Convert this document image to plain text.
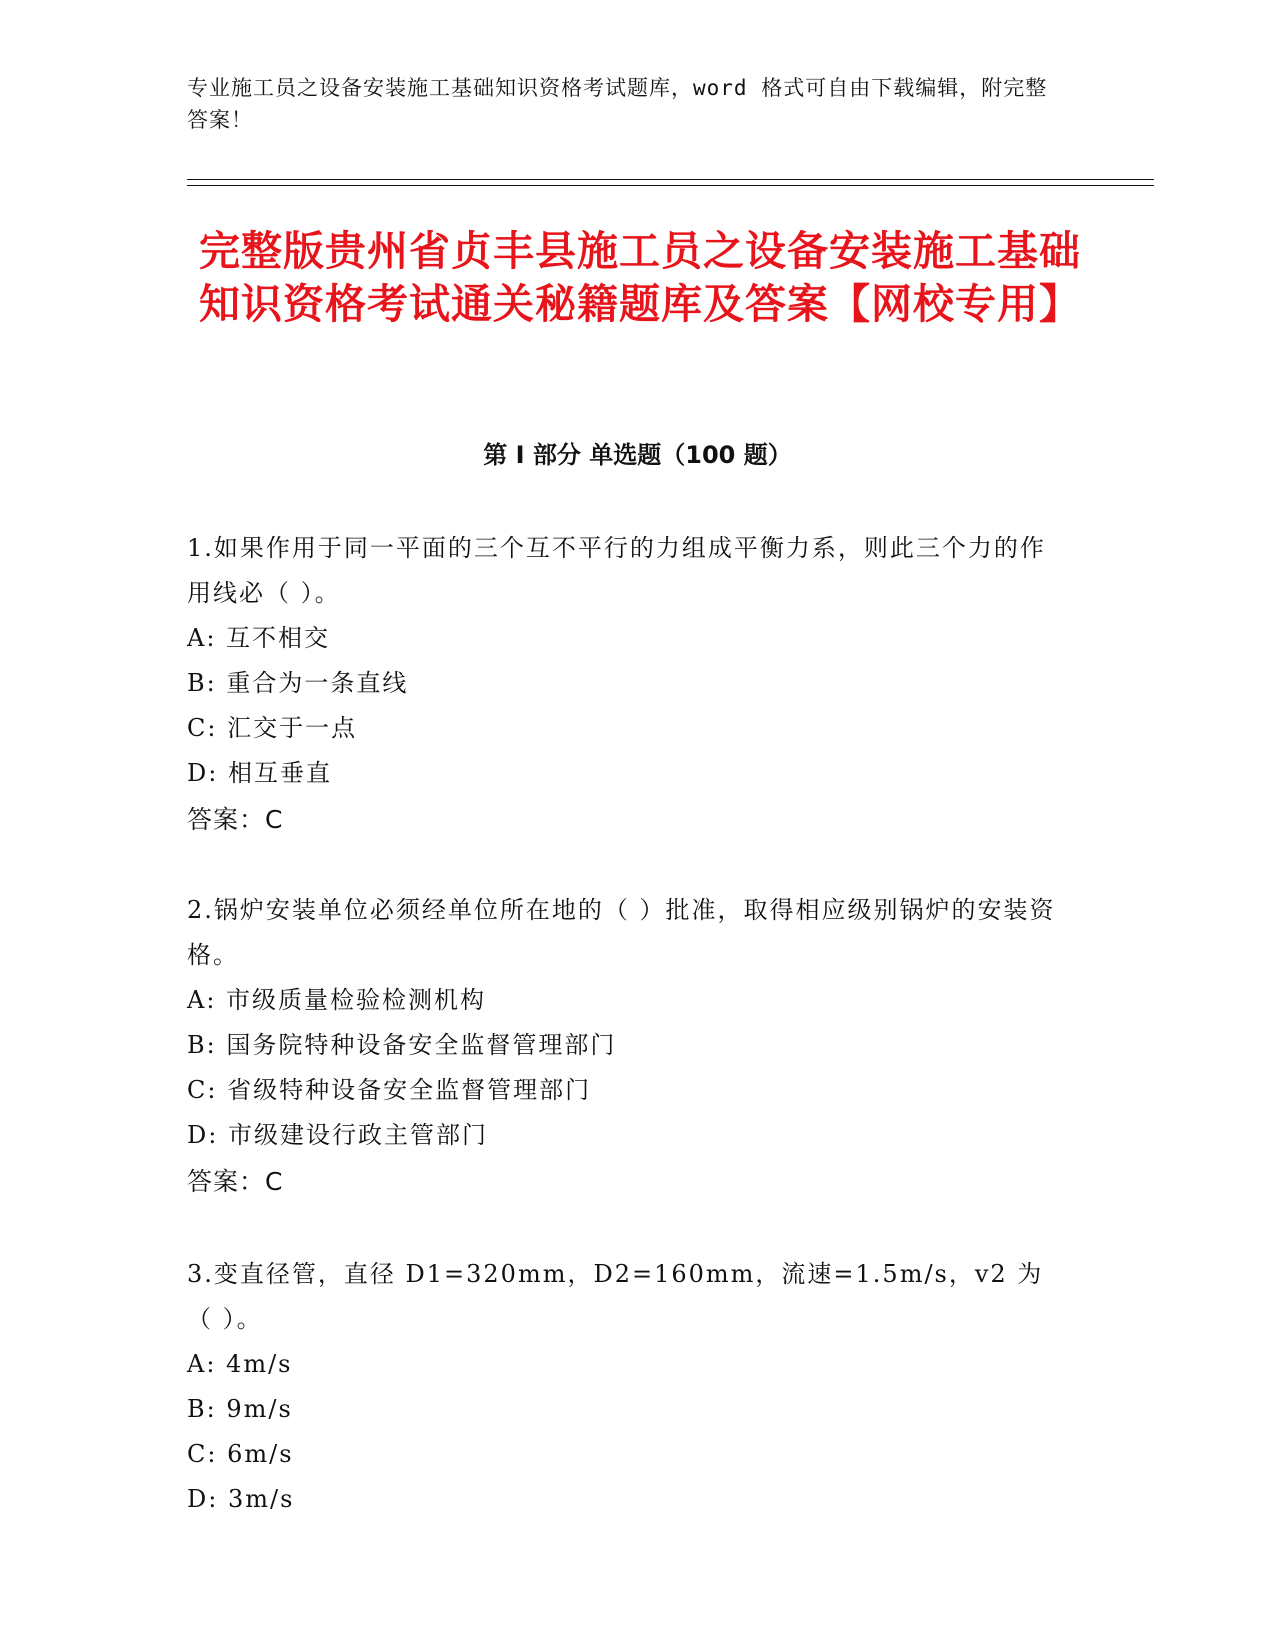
专业施工员之设备安装施工基础知识资格考试题库，word 格式可自由下载编辑，附完整答案！
完整版贵州省贞丰县施工员之设备安装施工基础知识资格考试通关秘籍题库及答案【网校专用】
第 I 部分 单选题（100 题）
1.如果作用于同一平面的三个互不平行的力组成平衡力系，则此三个力的作用线必（ ）。
A: 互不相交
B: 重合为一条直线
C: 汇交于一点
D: 相互垂直
答案：C
2.锅炉安装单位必须经单位所在地的（ ）批准，取得相应级别锅炉的安装资格。
A: 市级质量检验检测机构
B: 国务院特种设备安全监督管理部门
C: 省级特种设备安全监督管理部门
D: 市级建设行政主管部门
答案：C
3.变直径管，直径 D1=320mm，D2=160mm，流速=1.5m/s，v2 为（ ）。
A: 4m/s
B: 9m/s
C: 6m/s
D: 3m/s
